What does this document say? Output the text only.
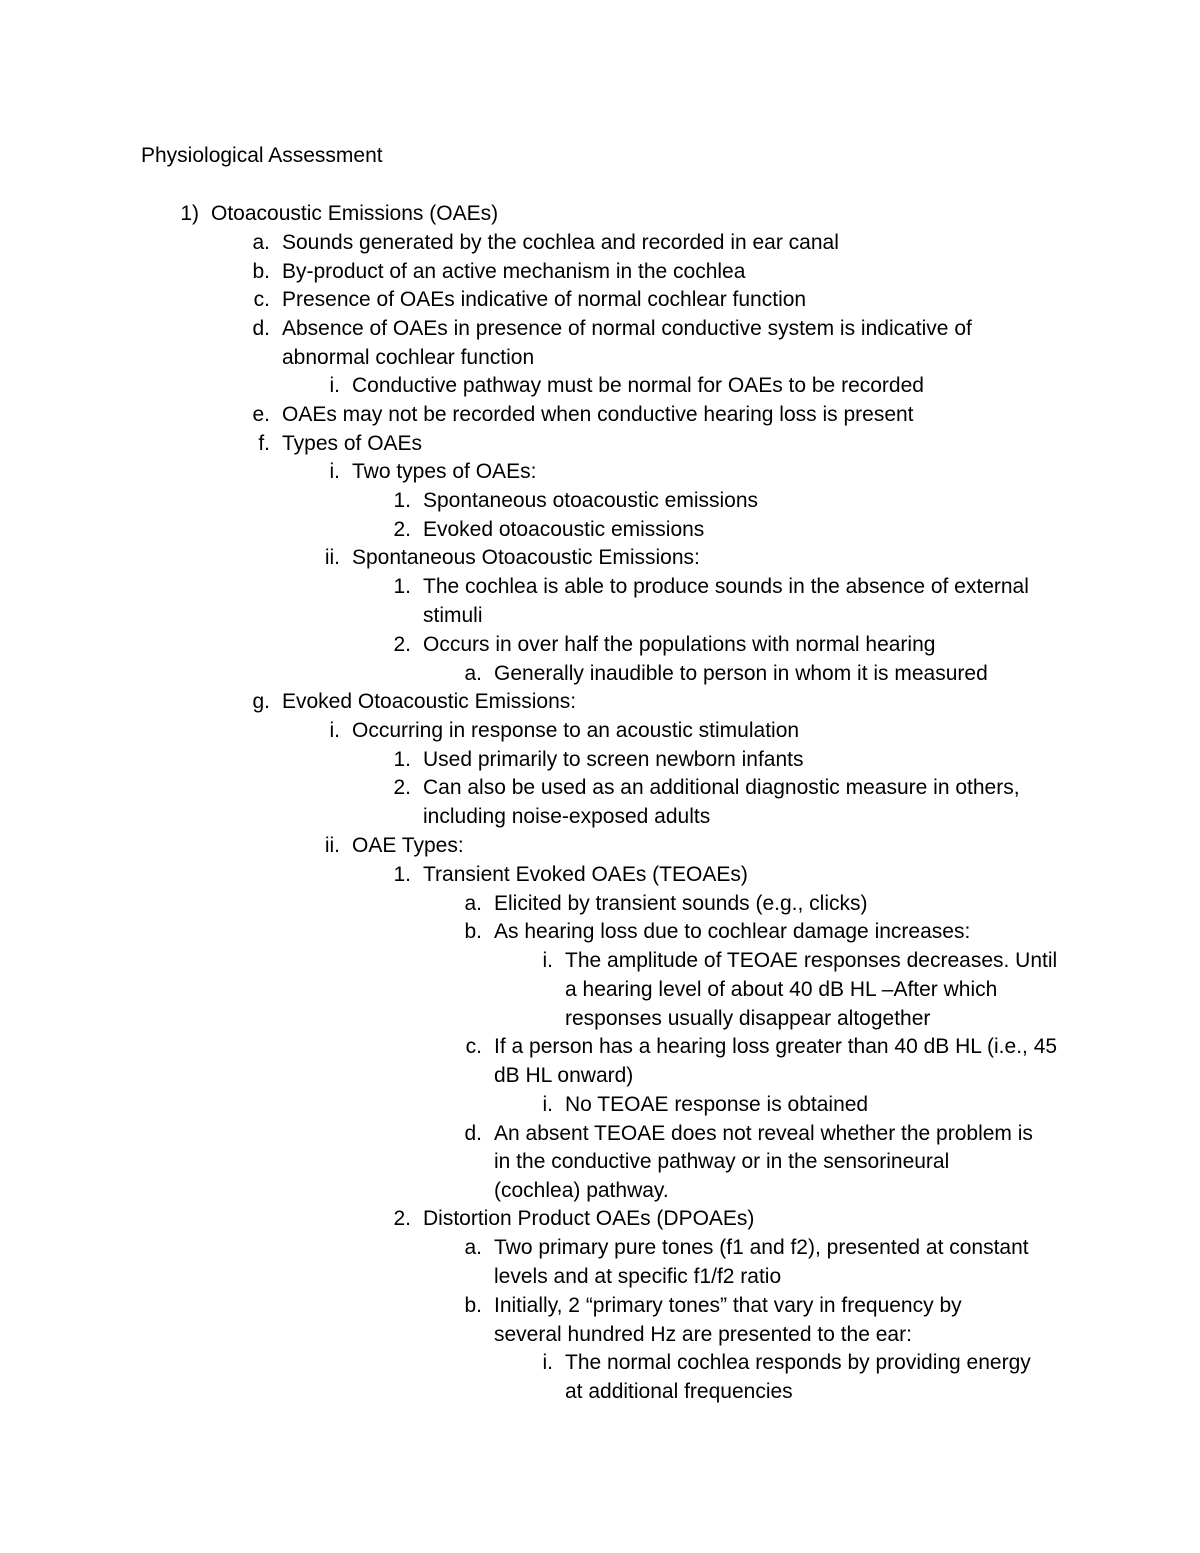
Physiological Assessment
1) Otoacoustic Emissions (OAEs)
a. Sounds generated by the cochlea and recorded in ear canal
b. By-product of an active mechanism in the cochlea
c. Presence of OAEs indicative of normal cochlear function
d. Absence of OAEs in presence of normal conductive system is indicative of
abnormal cochlear function
i. Conductive pathway must be normal for OAEs to be recorded
e. OAEs may not be recorded when conductive hearing loss is present
f. Types of OAEs
i. Two types of OAEs:
1. Spontaneous otoacoustic emissions
2. Evoked otoacoustic emissions
ii. Spontaneous Otoacoustic Emissions:
1. The cochlea is able to produce sounds in the absence of external
stimuli
2. Occurs in over half the populations with normal hearing
a. Generally inaudible to person in whom it is measured
g. Evoked Otoacoustic Emissions:
i. Occurring in response to an acoustic stimulation
1. Used primarily to screen newborn infants
2. Can also be used as an additional diagnostic measure in others,
including noise-exposed adults
ii. OAE Types:
1. Transient Evoked OAEs (TEOAEs)
a. Elicited by transient sounds (e.g., clicks)
b. As hearing loss due to cochlear damage increases:
i. The amplitude of TEOAE responses decreases. Until
a hearing level of about 40 dB HL –After which
responses usually disappear altogether
c. If a person has a hearing loss greater than 40 dB HL (i.e., 45
dB HL onward)
i. No TEOAE response is obtained
d. An absent TEOAE does not reveal whether the problem is
in the conductive pathway or in the sensorineural
(cochlea) pathway.
2. Distortion Product OAEs (DPOAEs)
a. Two primary pure tones (f1 and f2), presented at constant
levels and at specific f1/f2 ratio
b. Initially, 2 “primary tones” that vary in frequency by
several hundred Hz are presented to the ear:
i. The normal cochlea responds by providing energy
at additional frequencies
